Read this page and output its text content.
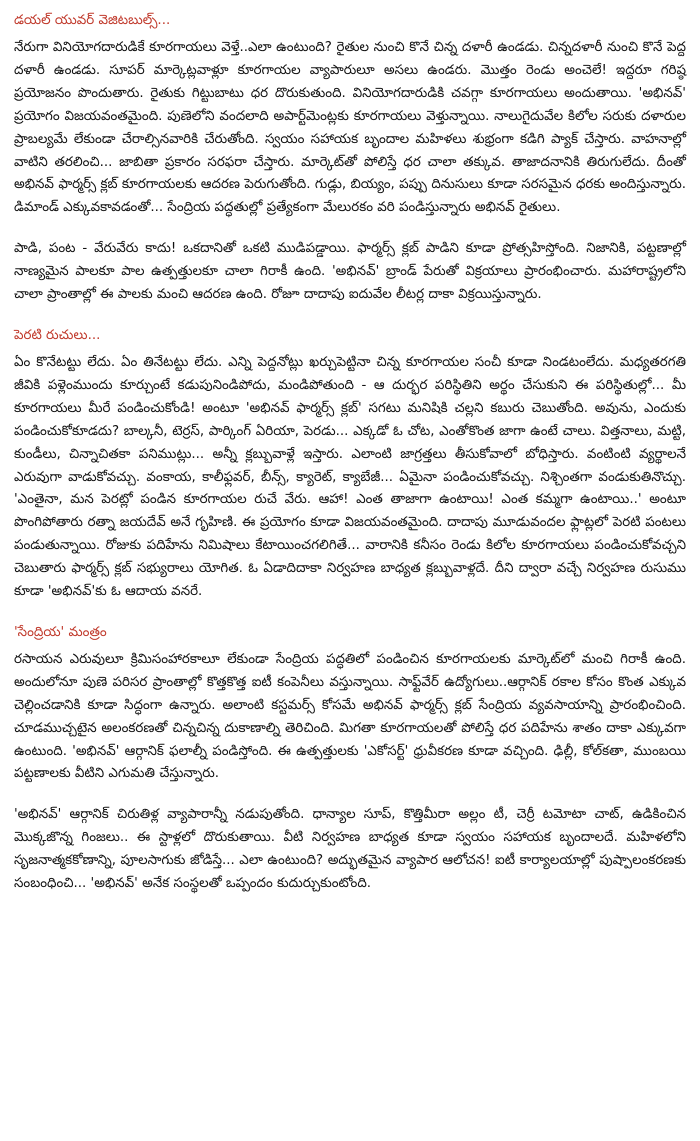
డయల్ యువర్ వెజిటబుల్స్...

నేరుగా వినియోగదారుడికే కూరగాయలు వెళ్తే..ఎలా ఉంటుంది? రైతుల నుంచి కొనే చిన్న దళారీ ఉండడు. చిన్నదళారీ నుంచి కొనే పెద్ద దళారీ ఉండడు. సూపర్ మార్కెట్లవాళ్లూ కూరగాయల వ్యాపారులూ అసలు ఉండరు. మొత్తం రెండు అంచెలే! ఇద్దరూ గరిష్ఠ ప్రయోజనం పొందుతారు. రైతుకు గిట్టుబాటు ధర దొరుకుతుంది. వినియోగదారుడికి చవగ్గా కూరగాయలు అందుతాయి. 'అభినవ్' ప్రయోగం విజయవంతమైంది. పుణెలోని వందలాది అపార్ట్‌మెంట్లకు కూరగాయలు వెళ్తున్నాయి. నాలుగైదువేల కిలోల సరుకు దళారుల ప్రాబల్యమే లేకుండా చేరాల్సినవారికి చేరుతోంది. స్వయం సహాయక బృందాల మహిళలు శుభ్రంగా కడిగి ప్యాక్ చేస్తారు. వాహనాల్లో వాటిని తరలించి... జాబితా ప్రకారం సరఫరా చేస్తారు. మార్కెట్‌తో పోలిస్తే ధర చాలా తక్కువ. తాజాదనానికి తిరుగులేదు. దీంతో అభినవ్ ఫార్మర్స్ క్లబ్ కూరగాయలకు ఆదరణ పెరుగుతోంది. గుడ్లు, బియ్యం, పప్పు దినుసులు కూడా సరసమైన ధరకు అందిస్తున్నారు. డిమాండ్ ఎక్కువకావడంతో... సేంద్రియ పద్ధతుల్లో ప్రత్యేకంగా మేలురకం వరి పండిస్తున్నారు అభినవ్ రైతులు.

పాడి, పంట - వేరువేరు కాదు! ఒకదానితో ఒకటి ముడిపడ్డాయి. ఫార్మర్స్ క్లబ్ పాడిని కూడా ప్రోత్సహిస్తోంది. నిజానికి, పట్టణాల్లో నాణ్యమైన పాలకూ పాల ఉత్పత్తులకూ చాలా గిరాకీ ఉంది. 'అభినవ్' బ్రాండ్ పేరుతో విక్రయాలు ప్రారంభించారు. మహారాష్ట్రలోని చాలా ప్రాంతాల్లో ఈ పాలకు మంచి ఆదరణ ఉంది. రోజూ దాదాపు ఐదువేల లీటర్ల దాకా విక్రయిస్తున్నారు.

పెరటి రుచులు...

ఏం కొనేటట్టు లేదు. ఏం తినేటట్టు లేదు. ఎన్ని పెద్దనోట్లు ఖర్చుపెట్టినా చిన్న కూరగాయల సంచీ కూడా నిండటంలేదు. మధ్యతరగతి జీవికి పళ్లెంముందు కూర్చుంటే కడుపునిండిపోదు, మండిపోతుంది - ఆ దుర్భర పరిస్థితిని అర్థం చేసుకుని ఈ పరిస్థితుల్లో... మీ కూరగాయలు మీరే పండించుకోండి! అంటూ 'అభినవ్ ఫార్మర్స్ క్లబ్' సగటు మనిషికి చల్లని కబురు చెబుతోంది. అవును, ఎందుకు పండించుకోకూడదు? బాల్కనీ, టెర్రస్, పార్కింగ్ ఏరియా, పెరడు... ఎక్కడో ఓ చోట, ఎంతోకొంత జాగా ఉంటే చాలు. విత్తనాలు, మట్టి, కుండీలు, చిన్నాచితకా పనిముట్లు... అన్నీ క్లబ్బువాళ్లే ఇస్తారు. ఎలాంటి జాగ్రత్తలు తీసుకోవాలో బోధిస్తారు. వంటింటి వ్యర్థాలనే ఎరువుగా వాడుకోవచ్చు. వంకాయ, కాలీఫ్లవర్, బీన్స్, క్యారెట్, క్యాబేజీ... ఏమైనా పండించుకోవచ్చు. నిశ్చింతగా వండుకుతినొచ్చు. 'ఎంతైనా, మన పెరట్లో పండిన కూరగాయల రుచే వేరు. ఆహా! ఎంత తాజాగా ఉంటాయి! ఎంత కమ్మగా ఉంటాయి..' అంటూ పొంగిపోతారు రత్నా జయదేవ్ అనే గృహిణి. ఈ ప్రయోగం కూడా విజయవంతమైంది. దాదాపు మూడువందల ఫ్లాట్లలో పెరటి పంటలు పండుతున్నాయి. రోజుకు పదిహేను నిమిషాలు కేటాయించగలిగితే... వారానికి కనీసం రెండు కిలోల కూరగాయలు పండించుకోవచ్చని చెబుతారు ఫార్మర్స్ క్లబ్ సభ్యురాలు యోగిత. ఓ ఏడాదిదాకా నిర్వహణ బాధ్యత క్లబ్బువాళ్లదే. దీని ద్వారా వచ్చే నిర్వహణ రుసుము కూడా 'అభినవ్'కు ఓ ఆదాయ వనరే.

'సేంద్రియ' మంత్రం

రసాయన ఎరువులూ క్రిమిసంహారకాలూ లేకుండా సేంద్రియ పద్ధతిలో పండించిన కూరగాయలకు మార్కెట్‌లో మంచి గిరాకీ ఉంది. అందులోనూ పుణె పరిసర ప్రాంతాల్లో కొత్తకొత్త ఐటీ కంపెనీలు వస్తున్నాయి. సాఫ్ట్‌వేర్ ఉద్యోగులు..ఆర్గానిక్ రకాల కోసం కొంత ఎక్కువ చెల్లించడానికి కూడా సిద్ధంగా ఉన్నారు. అలాంటి కస్టమర్స్ కోసమే అభినవ్ ఫార్మర్స్ క్లబ్ సేంద్రియ వ్యవసాయాన్ని ప్రారంభించింది. చూడముచ్చటైన అలంకరణతో చిన్నచిన్న దుకాణాల్ని తెరిచింది. మిగతా కూరగాయలతో పోలిస్తే ధర పదిహేను శాతం దాకా ఎక్కువగా ఉంటుంది. 'అభినవ్' ఆర్గానిక్ ఫలాల్నీ పండిస్తోంది. ఈ ఉత్పత్తులకు 'ఎకోసర్ట్' ధ్రువీకరణ కూడా వచ్చింది. ఢిల్లీ, కోల్‌కతా, ముంబయి పట్టణాలకు వీటిని ఎగుమతి చేస్తున్నారు.

'అభినవ్' ఆర్గానిక్ చిరుతిళ్ల వ్యాపారాన్నీ నడుపుతోంది. ధాన్యాల సూప్, కొత్తిమీరా అల్లం టీ, చెర్రీ టమోటా చాట్, ఉడికించిన మొక్కజొన్న గింజలు.. ఈ స్టాళ్లలో దొరుకుతాయి. వీటి నిర్వహణ బాధ్యత కూడా స్వయం సహాయక బృందాలదే. మహిళలోని సృజనాత్మకకోణాన్ని, పూలసాగుకు జోడిస్తే... ఎలా ఉంటుంది? అద్భుతమైన వ్యాపార ఆలోచన! ఐటీ కార్యాలయాల్లో పుష్పాలంకరణకు సంబంధించి... 'అభినవ్' అనేక సంస్థలతో ఒప్పందం కుదుర్చుకుంటోంది.
